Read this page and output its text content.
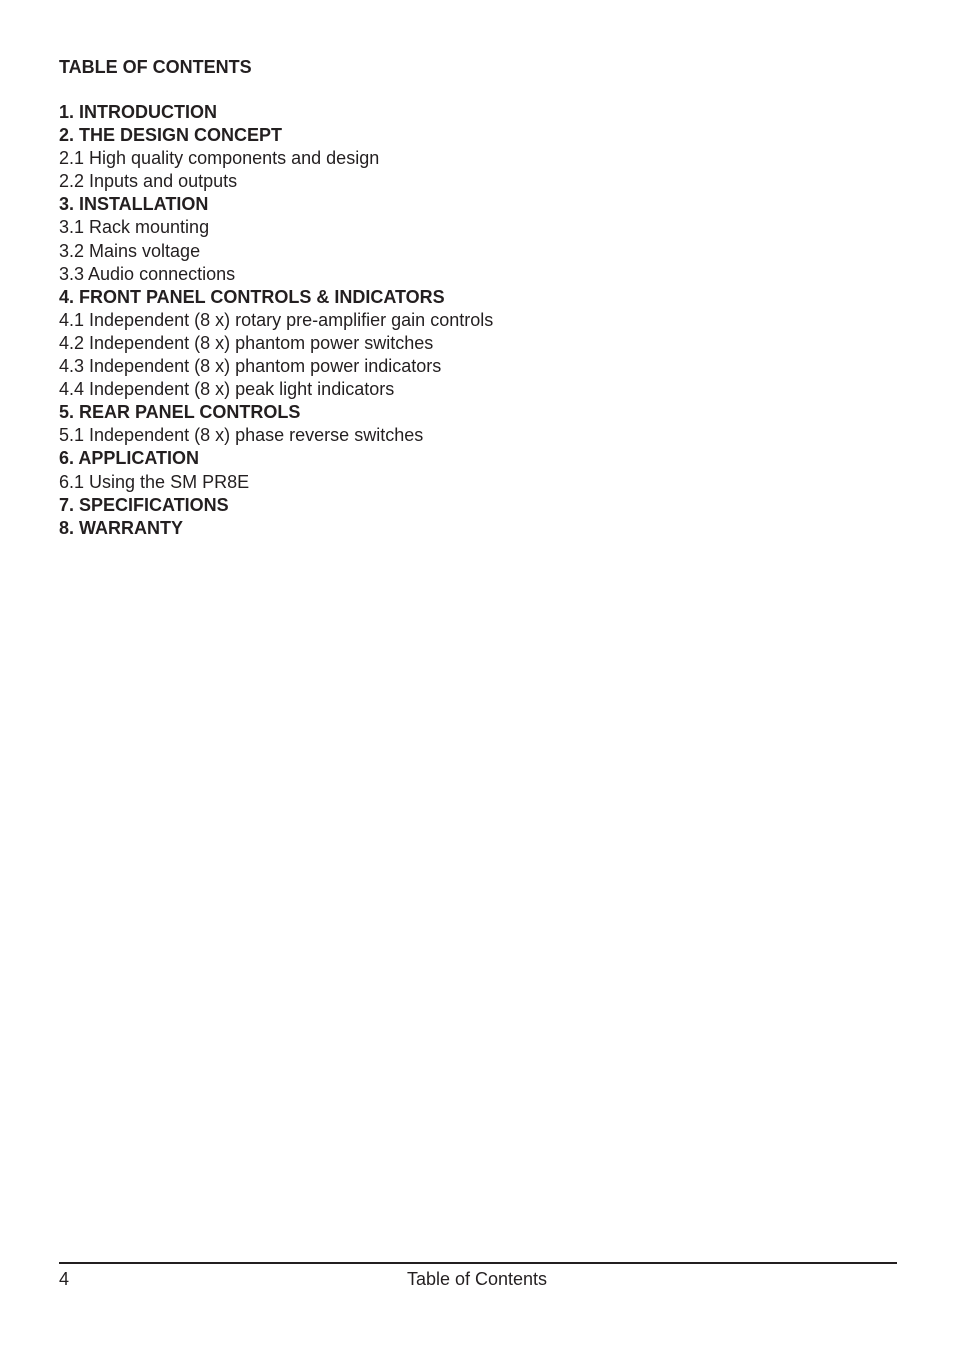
TABLE OF CONTENTS
1. INTRODUCTION
2. THE DESIGN CONCEPT
2.1 High quality components and design
2.2 Inputs and outputs
3. INSTALLATION
3.1 Rack mounting
3.2 Mains voltage
3.3 Audio connections
4. FRONT PANEL CONTROLS & INDICATORS
4.1 Independent (8 x) rotary pre-amplifier gain controls
4.2 Independent (8 x) phantom power switches
4.3 Independent (8 x) phantom power indicators
4.4 Independent (8 x) peak light indicators
5. REAR PANEL CONTROLS
5.1 Independent (8 x) phase reverse switches
6. APPLICATION
6.1 Using the SM PR8E
7. SPECIFICATIONS
8. WARRANTY
4	Table of Contents
